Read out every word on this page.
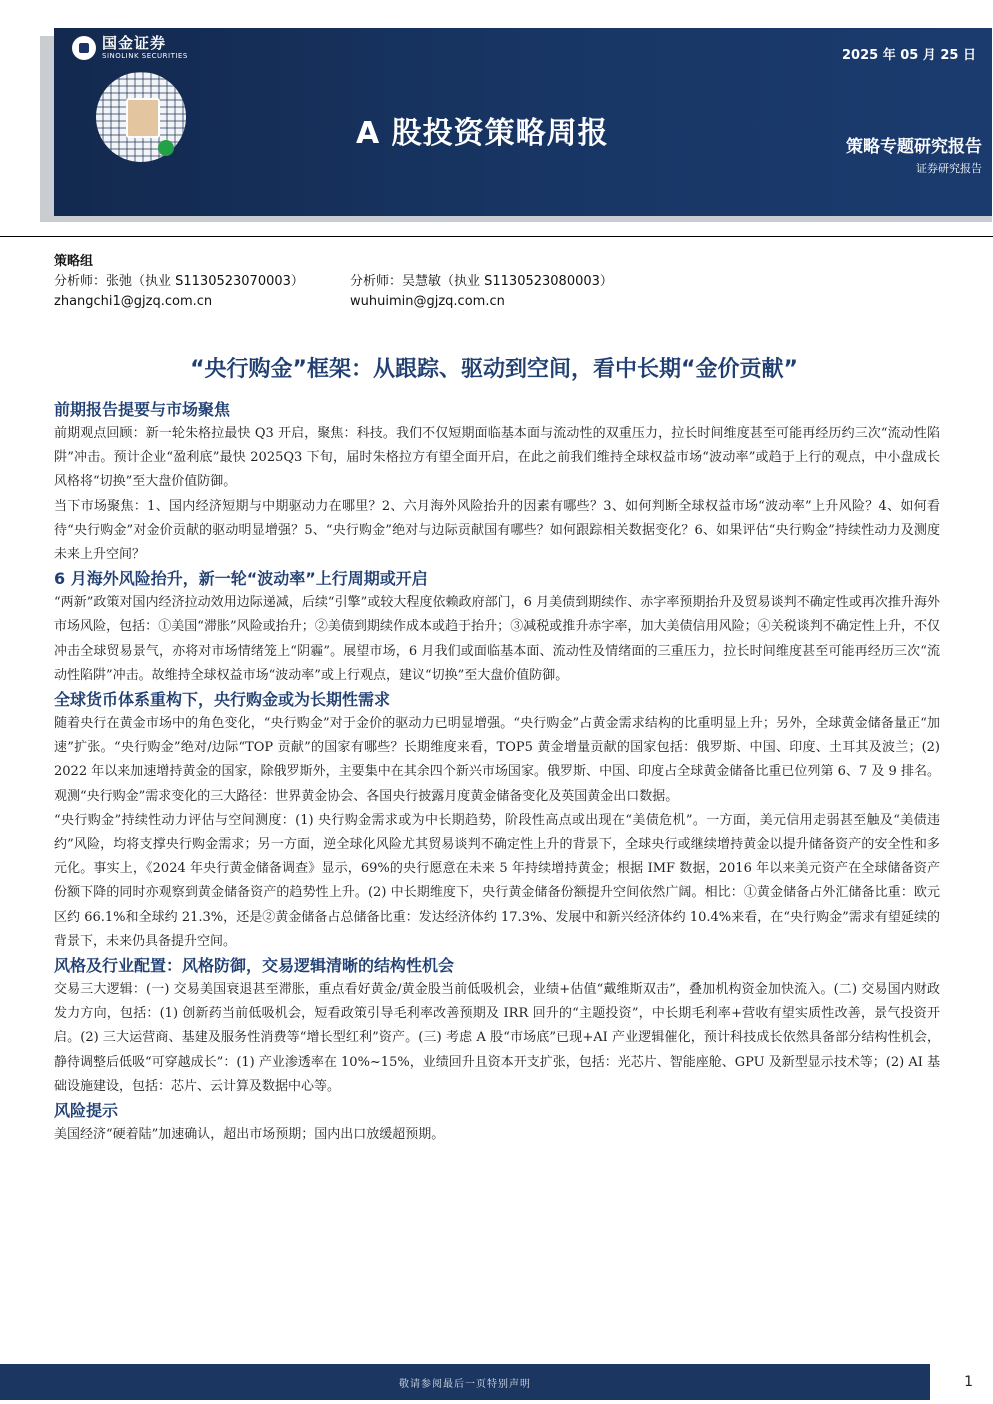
国金证券
SINOLINK SECURITIES	2025 年 05 月 25 日
A 股投资策略周报	策略专题研究报告
证券研究报告
策略组
分析师：张弛（执业 S1130523070003）	分析师：吴慧敏（执业 S1130523080003）
zhangchi1@gjzq.com.cn	wuhuimin@gjzq.com.cn
“央行购金”框架：从跟踪、驱动到空间，看中长期“金价贡献”
前期报告提要与市场聚焦

前期观点回顾：新一轮朱格拉最快 Q3 开启，聚焦：科技。我们不仅短期面临基本面与流动性的双重压力，拉长时间维度甚至可能再经历约三次“流动性陷阱”冲击。预计企业“盈利底”最快 2025Q3 下旬，届时朱格拉方有望全面开启，在此之前我们维持全球权益市场“波动率”或趋于上行的观点，中小盘成长风格将“切换”至大盘价值防御。

当下市场聚焦：1、国内经济短期与中期驱动力在哪里？2、六月海外风险抬升的因素有哪些？3、如何判断全球权益市场“波动率”上升风险？4、如何看待“央行购金”对金价贡献的驱动明显增强？5、“央行购金”绝对与边际贡献国有哪些？如何跟踪相关数据变化？6、如果评估“央行购金”持续性动力及测度未来上升空间？

6 月海外风险抬升，新一轮“波动率”上行周期或开启

“两新”政策对国内经济拉动效用边际递减，后续“引擎”或较大程度依赖政府部门，6 月美债到期续作、赤字率预期抬升及贸易谈判不确定性或再次推升海外市场风险，包括：①美国“滞胀”风险或抬升；②美债到期续作成本或趋于抬升；③减税或推升赤字率，加大美债信用风险；④关税谈判不确定性上升，不仅冲击全球贸易景气，亦将对市场情绪笼上“阴霾”。展望市场，6 月我们或面临基本面、流动性及情绪面的三重压力，拉长时间维度甚至可能再经历三次“流动性陷阱”冲击。故维持全球权益市场“波动率”或上行观点，建议“切换”至大盘价值防御。

全球货币体系重构下，央行购金或为长期性需求

随着央行在黄金市场中的角色变化，“央行购金”对于金价的驱动力已明显增强。“央行购金”占黄金需求结构的比重明显上升；另外，全球黄金储备量正“加速”扩张。“央行购金”绝对/边际“TOP 贡献”的国家有哪些？长期维度来看，TOP5 黄金增量贡献的国家包括：俄罗斯、中国、印度、土耳其及波兰；(2) 2022 年以来加速增持黄金的国家，除俄罗斯外，主要集中在其余四个新兴市场国家。俄罗斯、中国、印度占全球黄金储备比重已位列第 6、7 及 9 排名。观测“央行购金”需求变化的三大路径：世界黄金协会、各国央行披露月度黄金储备变化及英国黄金出口数据。

“央行购金”持续性动力评估与空间测度：(1) 央行购金需求或为中长期趋势，阶段性高点或出现在“美债危机”。一方面，美元信用走弱甚至触及“美债违约”风险，均将支撑央行购金需求；另一方面，逆全球化风险尤其贸易谈判不确定性上升的背景下，全球央行或继续增持黄金以提升储备资产的安全性和多元化。事实上，《2024 年央行黄金储备调查》显示，69%的央行愿意在未来 5 年持续增持黄金；根据 IMF 数据，2016 年以来美元资产在全球储备资产份额下降的同时亦观察到黄金储备资产的趋势性上升。(2) 中长期维度下，央行黄金储备份额提升空间依然广阔。相比：①黄金储备占外汇储备比重：欧元区约 66.1%和全球约 21.3%，还是②黄金储备占总储备比重：发达经济体约 17.3%、发展中和新兴经济体约 10.4%来看，在“央行购金”需求有望延续的背景下，未来仍具备提升空间。

风格及行业配置：风格防御，交易逻辑清晰的结构性机会

交易三大逻辑：(一) 交易美国衰退甚至滞胀，重点看好黄金/黄金股当前低吸机会，业绩+估值“戴维斯双击”，叠加机构资金加快流入。(二) 交易国内财政发力方向，包括：(1) 创新药当前低吸机会，短看政策引导毛利率改善预期及 IRR 回升的“主题投资”，中长期毛利率+营收有望实质性改善，景气投资开启。(2) 三大运营商、基建及服务性消费等“增长型红利”资产。(三) 考虑 A 股“市场底”已现+AI 产业逻辑催化，预计科技成长依然具备部分结构性机会，静待调整后低吸“可穿越成长”：(1) 产业渗透率在 10%~15%，业绩回升且资本开支扩张，包括：光芯片、智能座舱、GPU 及新型显示技术等；(2) AI 基础设施建设，包括：芯片、云计算及数据中心等。

风险提示

美国经济“硬着陆”加速确认，超出市场预期；国内出口放缓超预期。

敬请参阅最后一页特别声明	1
